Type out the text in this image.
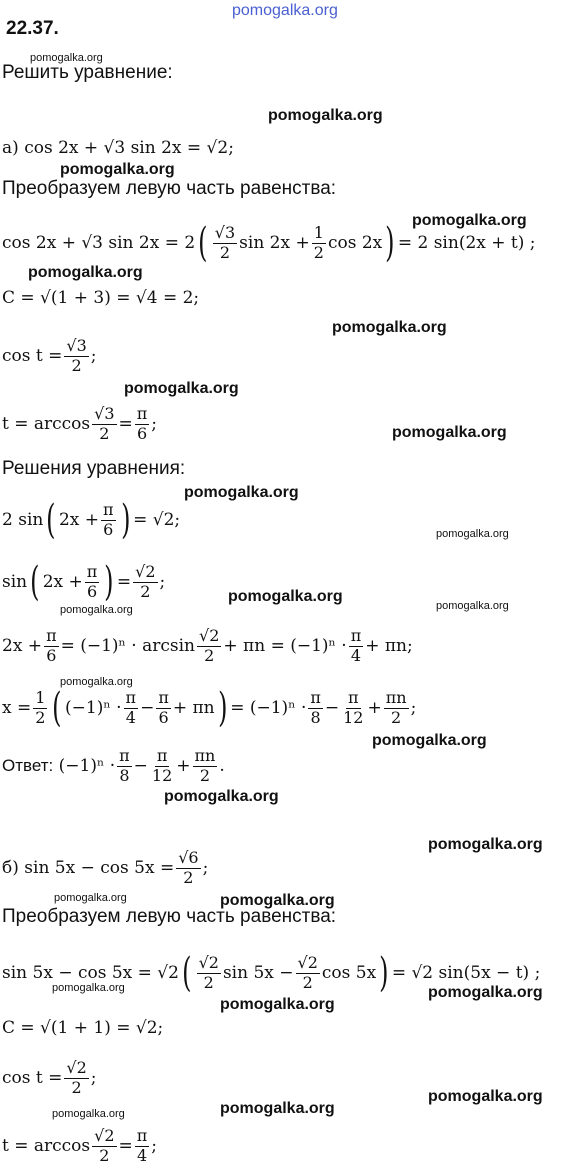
pomogalka.org
22.37.
pomogalka.org
Решить уравнение:
pomogalka.org
а)
cos 2x + √3 sin 2x = √2;
pomogalka.org
Преобразуем левую часть равенства:
cos 2x + √3 sin 2x = 2 ( $\frac{√3}{2}$ $\sin 2x + \frac{1}{2}$ cos 2x ) = 2 sin(2x + t) ;
pomogalka.org
pomogalka.org
C = √(1 + 3) = √4 = 2;
pomogalka.org
$\cos t = \frac{√3}{2}$ ;
pomogalka.org
$t = \arccos \frac{√3}{2} = \frac{\pi}{6}$ ;	pomogalka.org
Решения уравнения:
pomogalka.org
2 sin ( $2x + \frac{\pi}{6}$ ) = √2;
pomogalka.org
sin ( $2x + \frac{\pi}{6}$ ) = $\frac{√2}{2}$ ;
pomogalka.org
pomogalka.org	pomogalka.org
$2x + \frac{\pi}{6} = (-1)^n \cdot \arcsin \frac{√2}{2} + \pi n = (-1)^n \cdot \frac{\pi}{4} + \pi n$;
pomogalka.org
$x = \frac{1}{2}$ ( $(-1)^n \cdot \frac{\pi}{4} - \frac{\pi}{6} + \pi n$ ) = $(-1)^n \cdot \frac{\pi}{8} - \frac{\pi}{12} + \frac{\pi n}{2}$ ;
pomogalka.org
Ответ:
$(-1)^n \cdot \frac{\pi}{8} - \frac{\pi}{12} + \frac{\pi n}{2}$ .
pomogalka.org
pomogalka.org
б)
$\sin 5x - \cos 5x = \frac{√6}{2}$ ;
pomogalka.org	pomogalka.org
Преобразуем левую часть равенства:
sin 5x − cos 5x = √2 ( $\frac{√2}{2}$ $\sin 5x - \frac{√2}{2}$ cos 5x ) = √2 sin(5x − t) ;
pomogalka.org	pomogalka.org
pomogalka.org
C = √(1 + 1) = √2;
$\cos t = \frac{√2}{2}$ ;
pomogalka.org
pomogalka.org
pomogalka.org
$t = \arccos \frac{√2}{2} = \frac{\pi}{4}$ ;
